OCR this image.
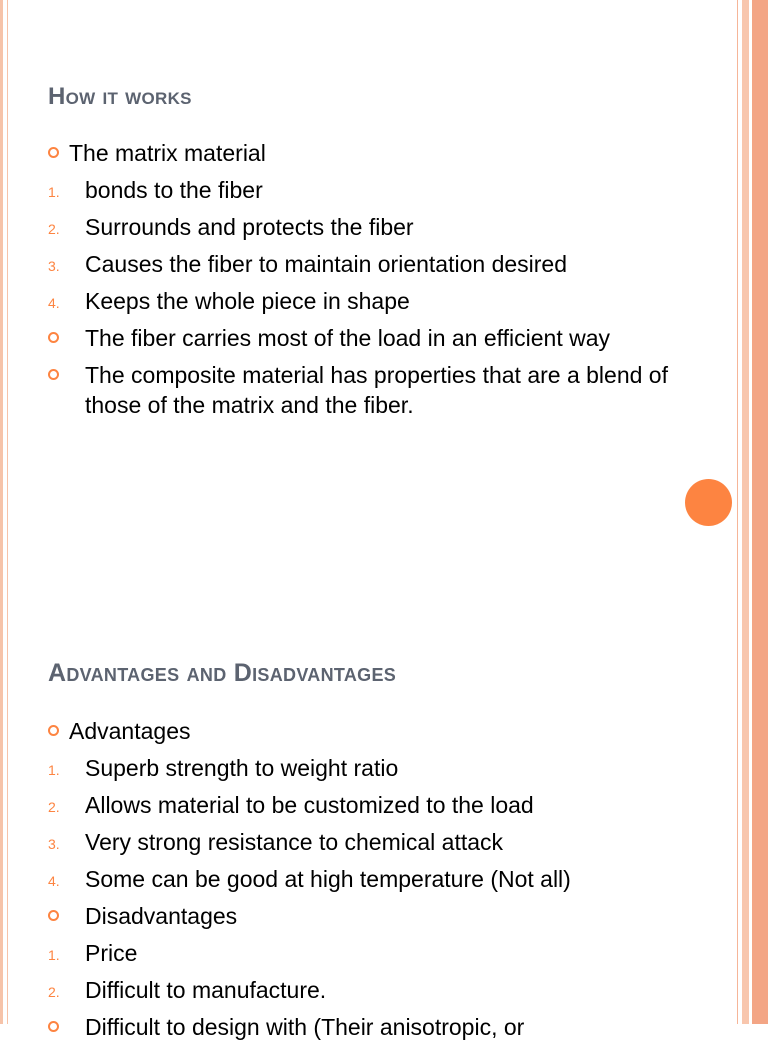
How it works
The matrix material
1. bonds to the fiber
2. Surrounds and protects the fiber
3. Causes the fiber to maintain orientation desired
4. Keeps the whole piece in shape
The fiber carries most of the load in an efficient way
The composite material has properties that are a blend of those of the matrix and the fiber.
Advantages and Disadvantages
Advantages
1. Superb strength to weight ratio
2. Allows material to be customized to the load
3. Very strong resistance to chemical attack
4. Some can be good at high temperature (Not all)
Disadvantages
1. Price
2. Difficult to manufacture.
Difficult to design with (Their anisotropic, or
